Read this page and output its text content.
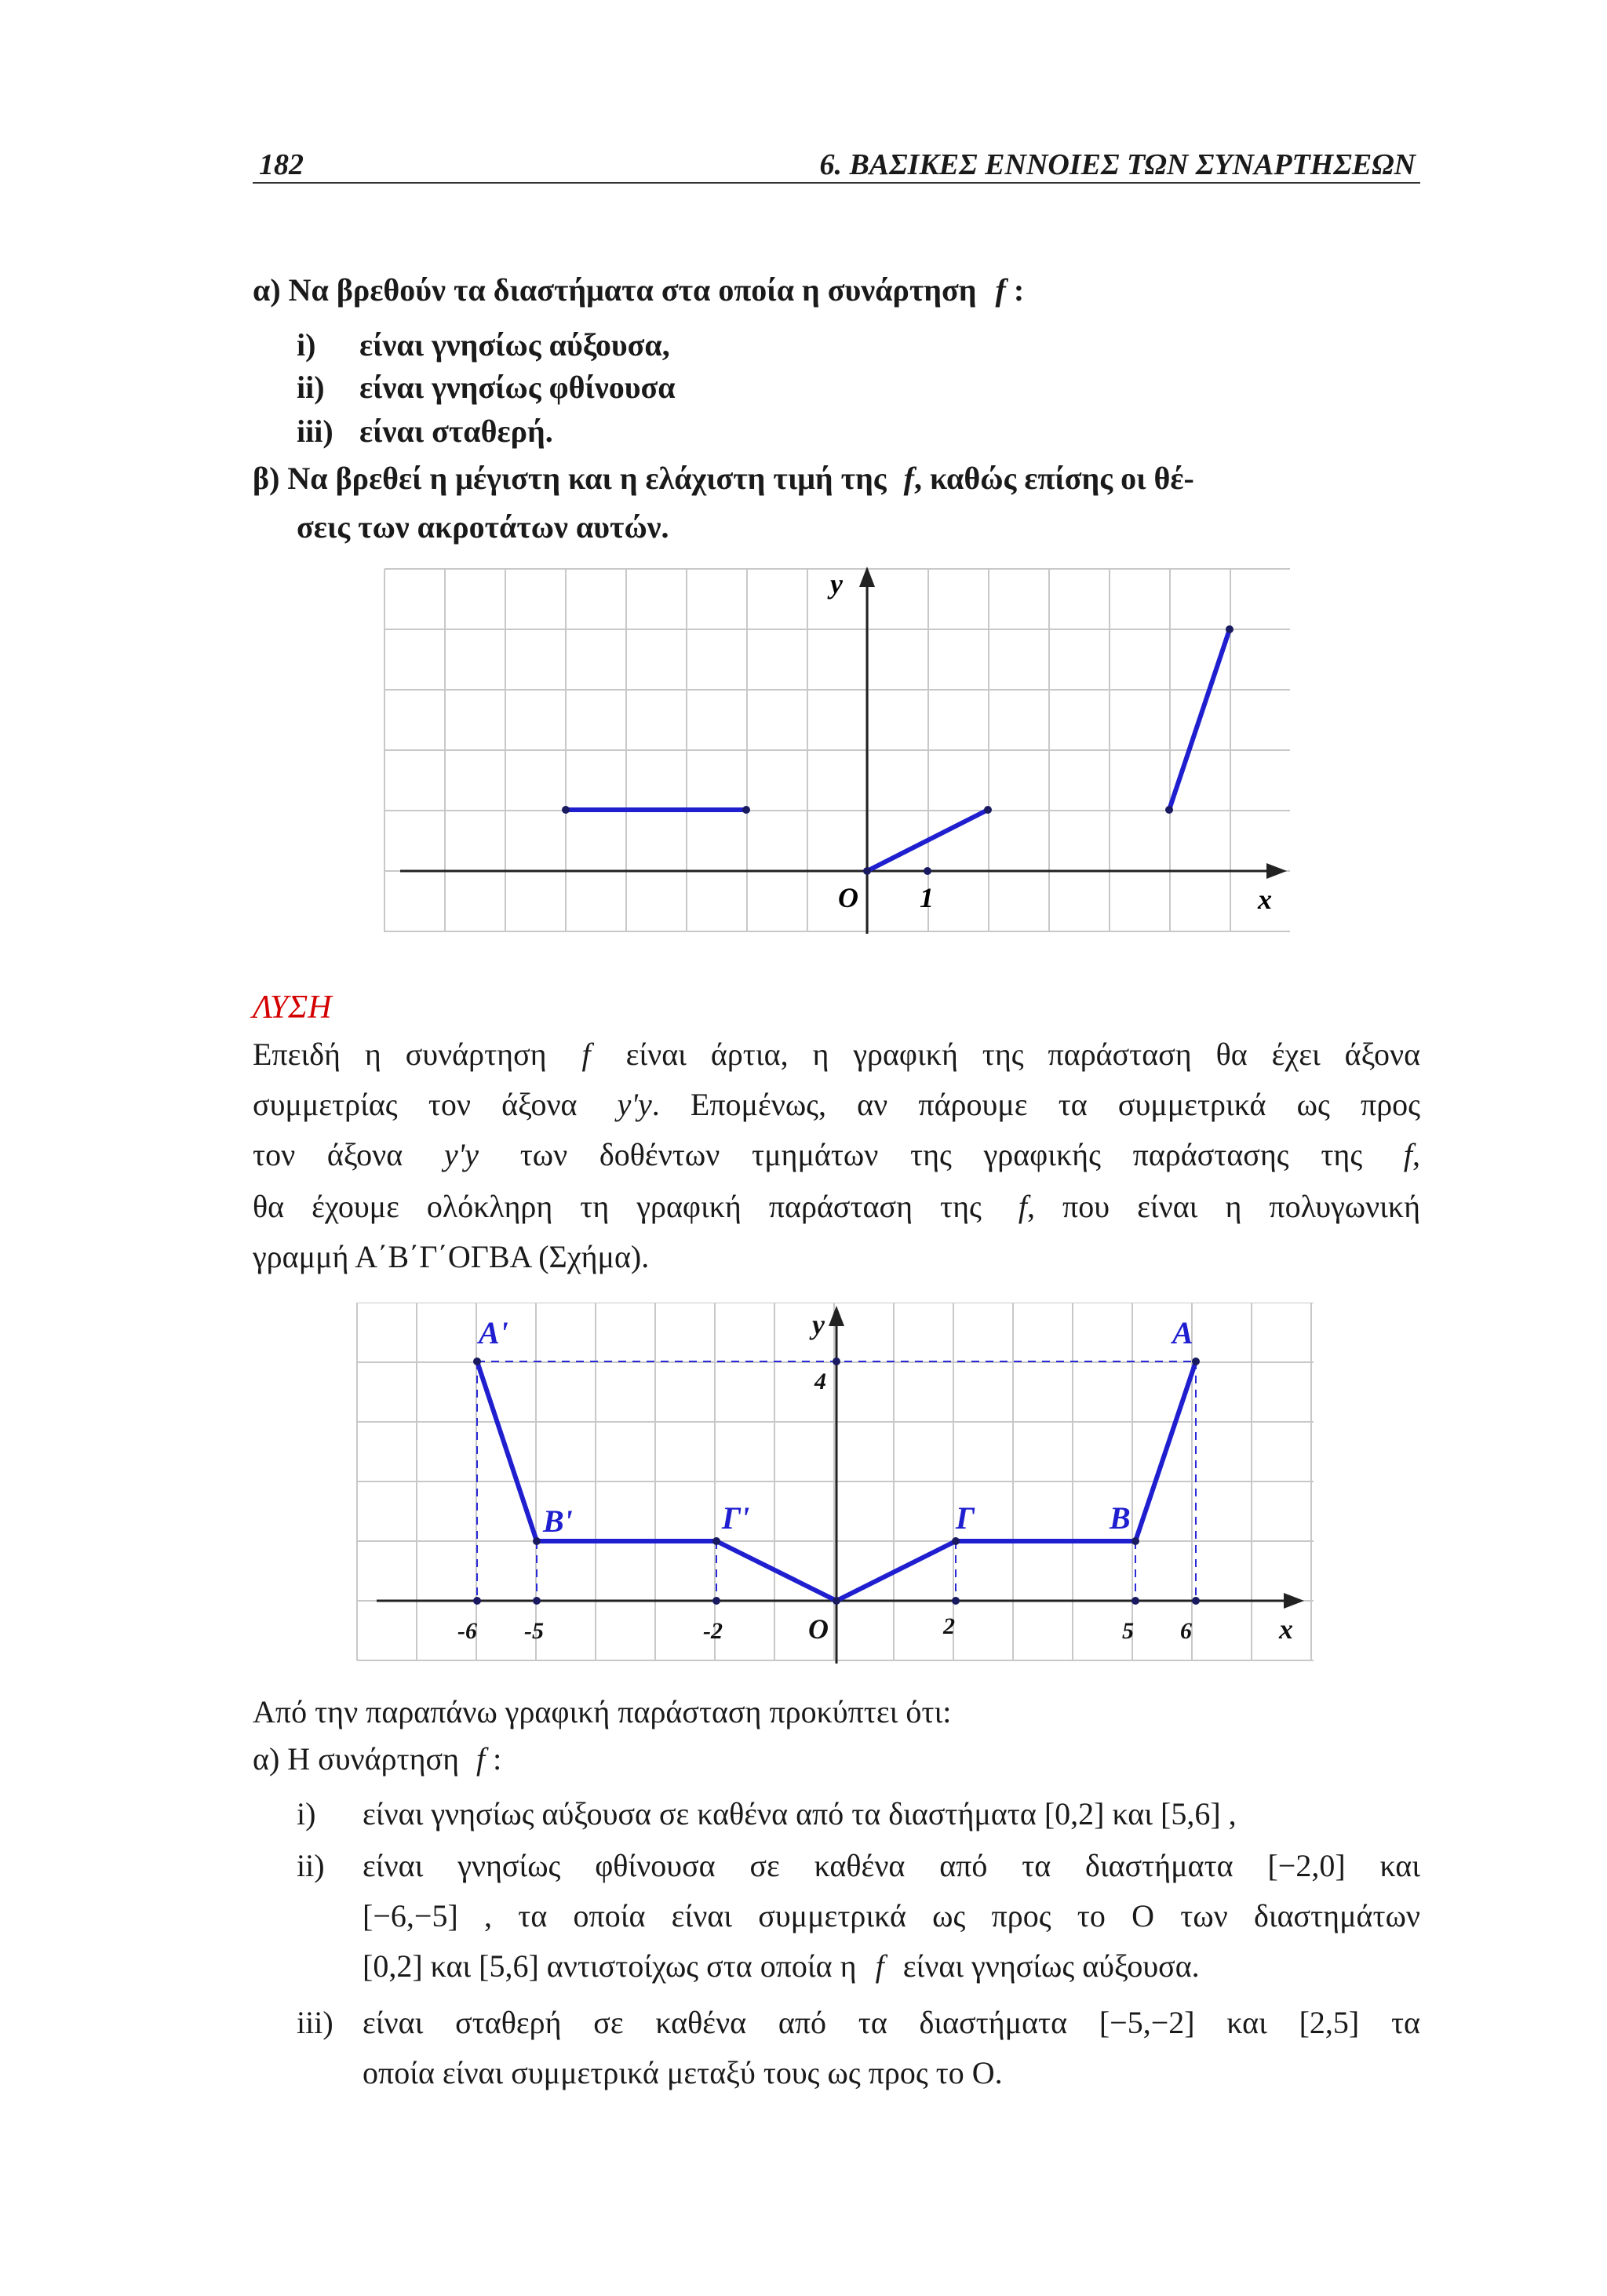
182	6. ΒΑΣΙΚΕΣ ΕΝΝΟΙΕΣ ΤΩΝ ΣΥΝΑΡΤΗΣΕΩΝ
α) Να βρεθούν τα διαστήματα στα οποία η συνάρτηση f :
i) είναι γνησίως αύξουσα,
ii) είναι γνησίως φθίνουσα
iii) είναι σταθερή.
β) Να βρεθεί η μέγιστη και η ελάχιστη τιμή της f, καθώς επίσης οι θέ-
σεις των ακροτάτων αυτών.
y
x
O 1
ΛΥΣΗ
Επειδή η συνάρτηση f είναι άρτια, η γραφική της παράσταση θα έχει άξονα
συμμετρίας τον άξονα y'y. Επομένως, αν πάρουμε τα συμμετρικά ως προς
τον άξονα y'y των δοθέντων τμημάτων της γραφικής παράστασης της f,
θα έχουμε ολόκληρη τη γραφική παράσταση της f, που είναι η πολυγωνική
γραμμή Α΄Β΄Γ΄ΟΓΒΑ (Σχήμα).
y
x
O
4
A'	A
B'	B
Γ'	Γ
-6 -5	-2	2	5 6
Από την παραπάνω γραφική παράσταση προκύπτει ότι:
α) Η συνάρτηση f :
i) είναι γνησίως αύξουσα σε καθένα από τα διαστήματα [0,2] και [5,6] ,
ii) είναι γνησίως φθίνουσα σε καθένα από τα διαστήματα [−2,0] και
[−6,−5] , τα οποία είναι συμμετρικά ως προς το Ο των διαστημάτων
[0,2] και [5,6] αντιστοίχως στα οποία η f είναι γνησίως αύξουσα.
iii) είναι σταθερή σε καθένα από τα διαστήματα [−5,−2] και [2,5] τα
οποία είναι συμμετρικά μεταξύ τους ως προς το Ο.
